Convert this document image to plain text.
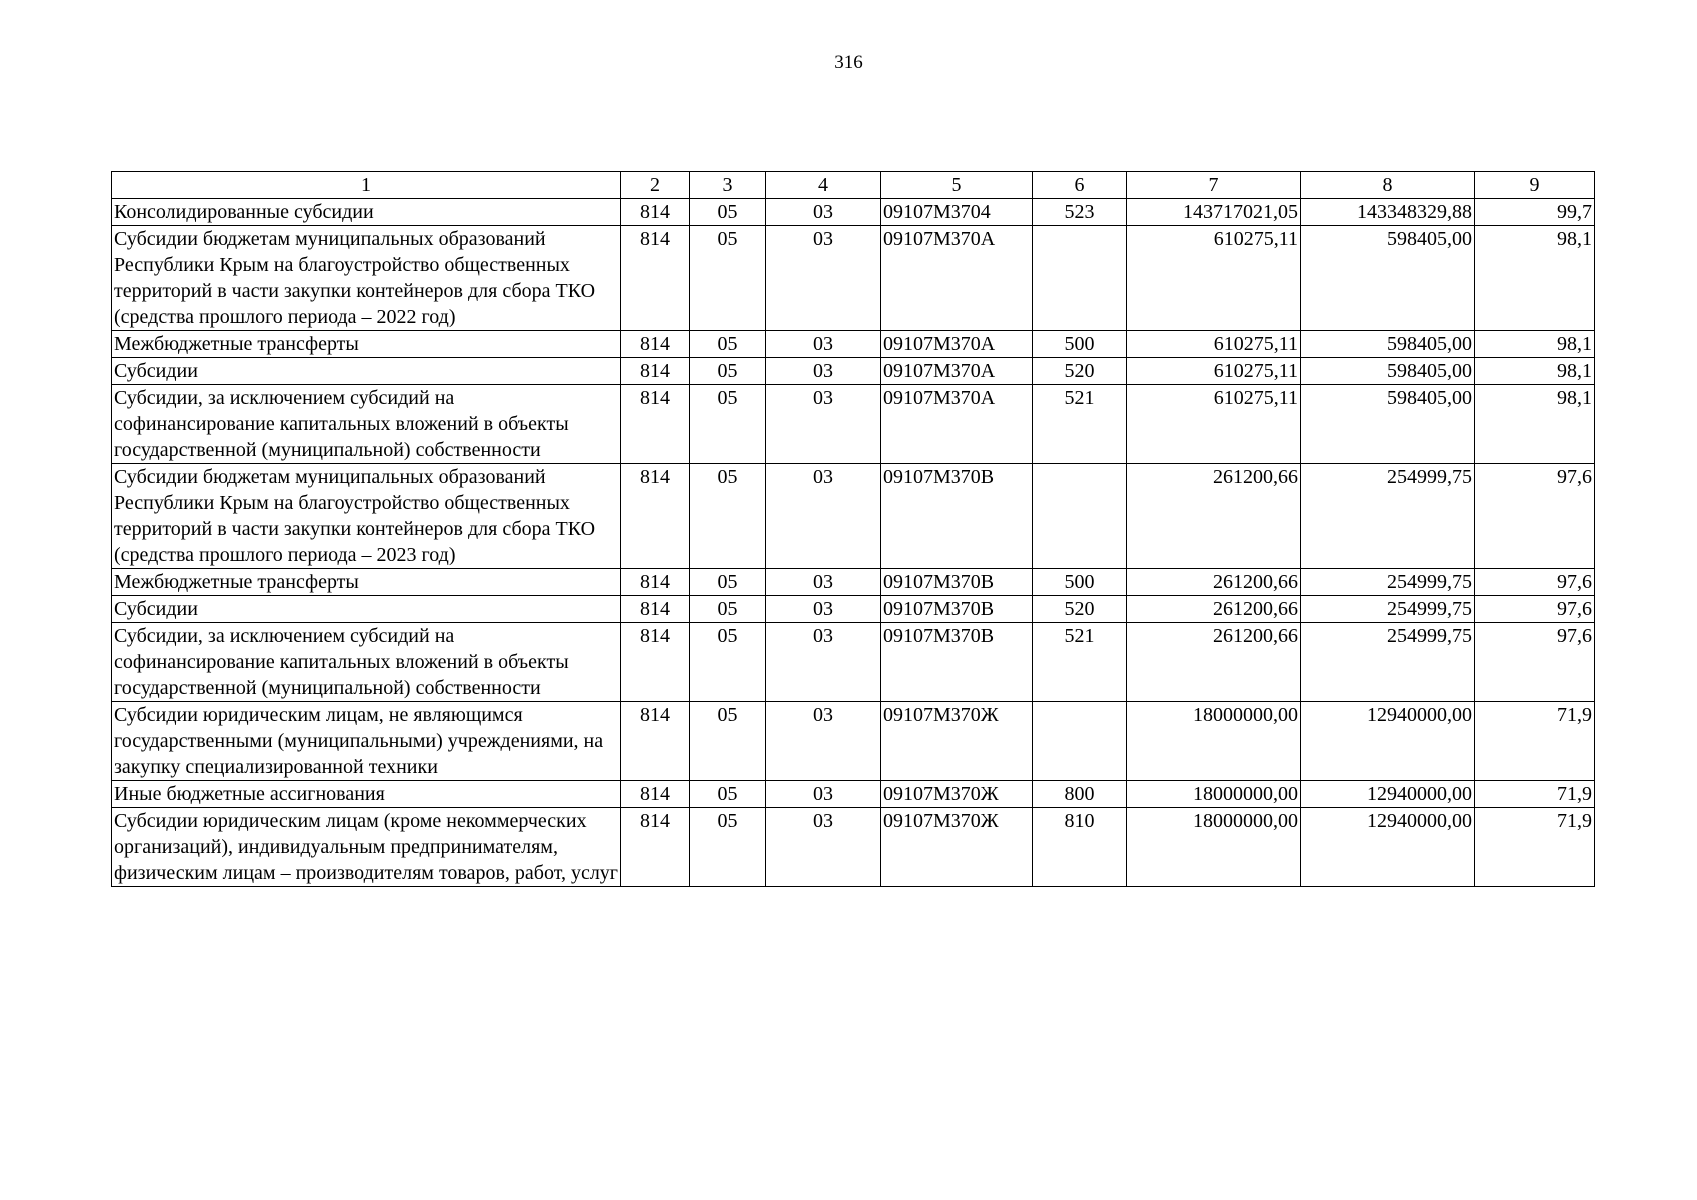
316
1	2	3	4	5	6	7	8	9
Консолидированные субсидии	814	05	03	09107М3704	523	143717021,05	143348329,88	99,7
Субсидии бюджетам муниципальных образований Республики Крым на благоустройство общественных территорий в части закупки контейнеров для сбора ТКО (средства прошлого периода – 2022 год)	814	05	03	09107М370А		610275,11	598405,00	98,1
Межбюджетные трансферты	814	05	03	09107М370А	500	610275,11	598405,00	98,1
Субсидии	814	05	03	09107М370А	520	610275,11	598405,00	98,1
Субсидии, за исключением субсидий на софинансирование капитальных вложений в объекты государственной (муниципальной) собственности	814	05	03	09107М370А	521	610275,11	598405,00	98,1
Субсидии бюджетам муниципальных образований Республики Крым на благоустройство общественных территорий в части закупки контейнеров для сбора ТКО (средства прошлого периода – 2023 год)	814	05	03	09107М370В		261200,66	254999,75	97,6
Межбюджетные трансферты	814	05	03	09107М370В	500	261200,66	254999,75	97,6
Субсидии	814	05	03	09107М370В	520	261200,66	254999,75	97,6
Субсидии, за исключением субсидий на софинансирование капитальных вложений в объекты государственной (муниципальной) собственности	814	05	03	09107М370В	521	261200,66	254999,75	97,6
Субсидии юридическим лицам, не являющимся государственными (муниципальными) учреждениями, на закупку специализированной техники	814	05	03	09107М370Ж		18000000,00	12940000,00	71,9
Иные бюджетные ассигнования	814	05	03	09107М370Ж	800	18000000,00	12940000,00	71,9
Субсидии юридическим лицам (кроме некоммерческих организаций), индивидуальным предпринимателям, физическим лицам – производителям товаров, работ, услуг	814	05	03	09107М370Ж	810	18000000,00	12940000,00	71,9
